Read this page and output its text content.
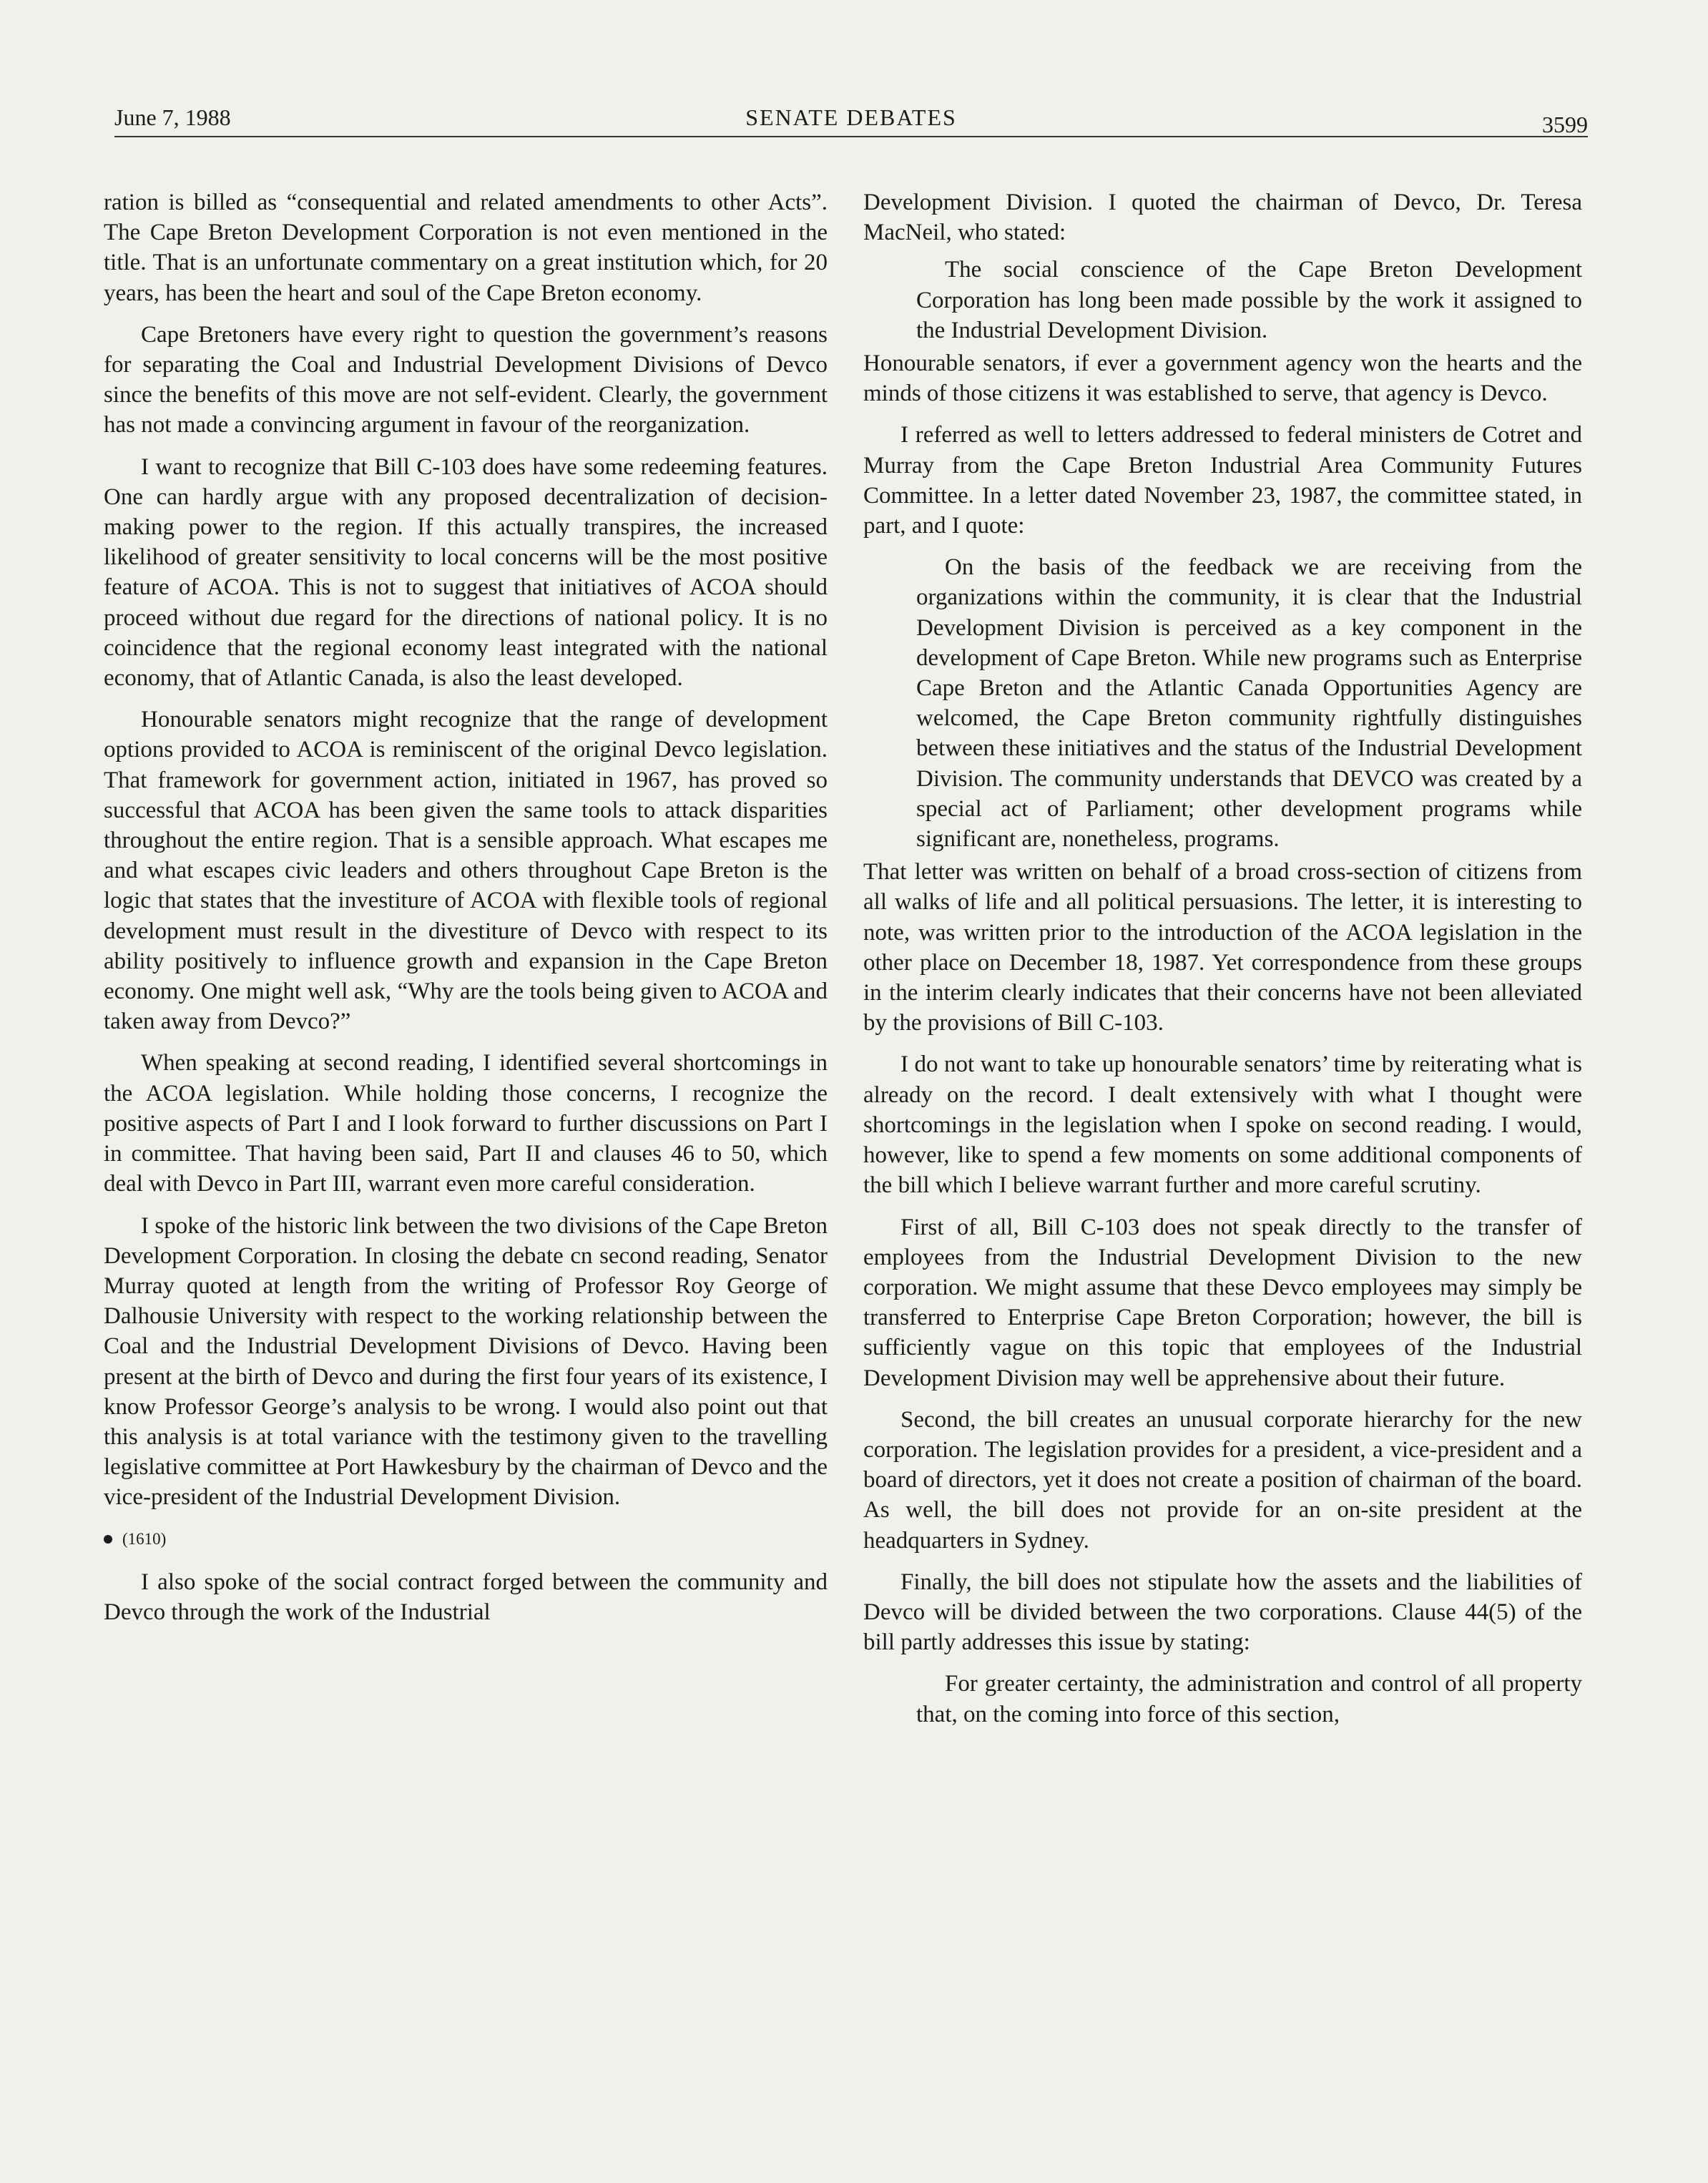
June 7, 1988	SENATE DEBATES	3599

ration is billed as “consequential and related amendments to other Acts”. The Cape Breton Development Corporation is not even mentioned in the title. That is an unfortunate commentary on a great institution which, for 20 years, has been the heart and soul of the Cape Breton economy.

Cape Bretoners have every right to question the government’s reasons for separating the Coal and Industrial Development Divisions of Devco since the benefits of this move are not self-evident. Clearly, the government has not made a convincing argument in favour of the reorganization.

I want to recognize that Bill C-103 does have some redeeming features. One can hardly argue with any proposed decentralization of decision-making power to the region. If this actually transpires, the increased likelihood of greater sensitivity to local concerns will be the most positive feature of ACOA. This is not to suggest that initiatives of ACOA should proceed without due regard for the directions of national policy. It is no coincidence that the regional economy least integrated with the national economy, that of Atlantic Canada, is also the least developed.

Honourable senators might recognize that the range of development options provided to ACOA is reminiscent of the original Devco legislation. That framework for government action, initiated in 1967, has proved so successful that ACOA has been given the same tools to attack disparities throughout the entire region. That is a sensible approach. What escapes me and what escapes civic leaders and others throughout Cape Breton is the logic that states that the investiture of ACOA with flexible tools of regional development must result in the divestiture of Devco with respect to its ability positively to influence growth and expansion in the Cape Breton economy. One might well ask, “Why are the tools being given to ACOA and taken away from Devco?”

When speaking at second reading, I identified several shortcomings in the ACOA legislation. While holding those concerns, I recognize the positive aspects of Part I and I look forward to further discussions on Part I in committee. That having been said, Part II and clauses 46 to 50, which deal with Devco in Part III, warrant even more careful consideration.

I spoke of the historic link between the two divisions of the Cape Breton Development Corporation. In closing the debate cn second reading, Senator Murray quoted at length from the writing of Professor Roy George of Dalhousie University with respect to the working relationship between the Coal and the Industrial Development Divisions of Devco. Having been present at the birth of Devco and during the first four years of its existence, I know Professor George’s analysis to be wrong. I would also point out that this analysis is at total variance with the testimony given to the travelling legislative committee at Port Hawkesbury by the chairman of Devco and the vice-president of the Industrial Development Division.

(1610)

I also spoke of the social contract forged between the community and Devco through the work of the Industrial

Development Division. I quoted the chairman of Devco, Dr. Teresa MacNeil, who stated:

The social conscience of the Cape Breton Development Corporation has long been made possible by the work it assigned to the Industrial Development Division.

Honourable senators, if ever a government agency won the hearts and the minds of those citizens it was established to serve, that agency is Devco.

I referred as well to letters addressed to federal ministers de Cotret and Murray from the Cape Breton Industrial Area Community Futures Committee. In a letter dated November 23, 1987, the committee stated, in part, and I quote:

On the basis of the feedback we are receiving from the organizations within the community, it is clear that the Industrial Development Division is perceived as a key component in the development of Cape Breton. While new programs such as Enterprise Cape Breton and the Atlantic Canada Opportunities Agency are welcomed, the Cape Breton community rightfully distinguishes between these initiatives and the status of the Industrial Development Division. The community understands that DEVCO was created by a special act of Parliament; other development programs while significant are, nonetheless, programs.

That letter was written on behalf of a broad cross-section of citizens from all walks of life and all political persuasions. The letter, it is interesting to note, was written prior to the introduction of the ACOA legislation in the other place on December 18, 1987. Yet correspondence from these groups in the interim clearly indicates that their concerns have not been alleviated by the provisions of Bill C-103.

I do not want to take up honourable senators’ time by reiterating what is already on the record. I dealt extensively with what I thought were shortcomings in the legislation when I spoke on second reading. I would, however, like to spend a few moments on some additional components of the bill which I believe warrant further and more careful scrutiny.

First of all, Bill C-103 does not speak directly to the transfer of employees from the Industrial Development Division to the new corporation. We might assume that these Devco employees may simply be transferred to Enterprise Cape Breton Corporation; however, the bill is sufficiently vague on this topic that employees of the Industrial Development Division may well be apprehensive about their future.

Second, the bill creates an unusual corporate hierarchy for the new corporation. The legislation provides for a president, a vice-president and a board of directors, yet it does not create a position of chairman of the board. As well, the bill does not provide for an on-site president at the headquarters in Sydney.

Finally, the bill does not stipulate how the assets and the liabilities of Devco will be divided between the two corporations. Clause 44(5) of the bill partly addresses this issue by stating:

For greater certainty, the administration and control of all property that, on the coming into force of this section,
